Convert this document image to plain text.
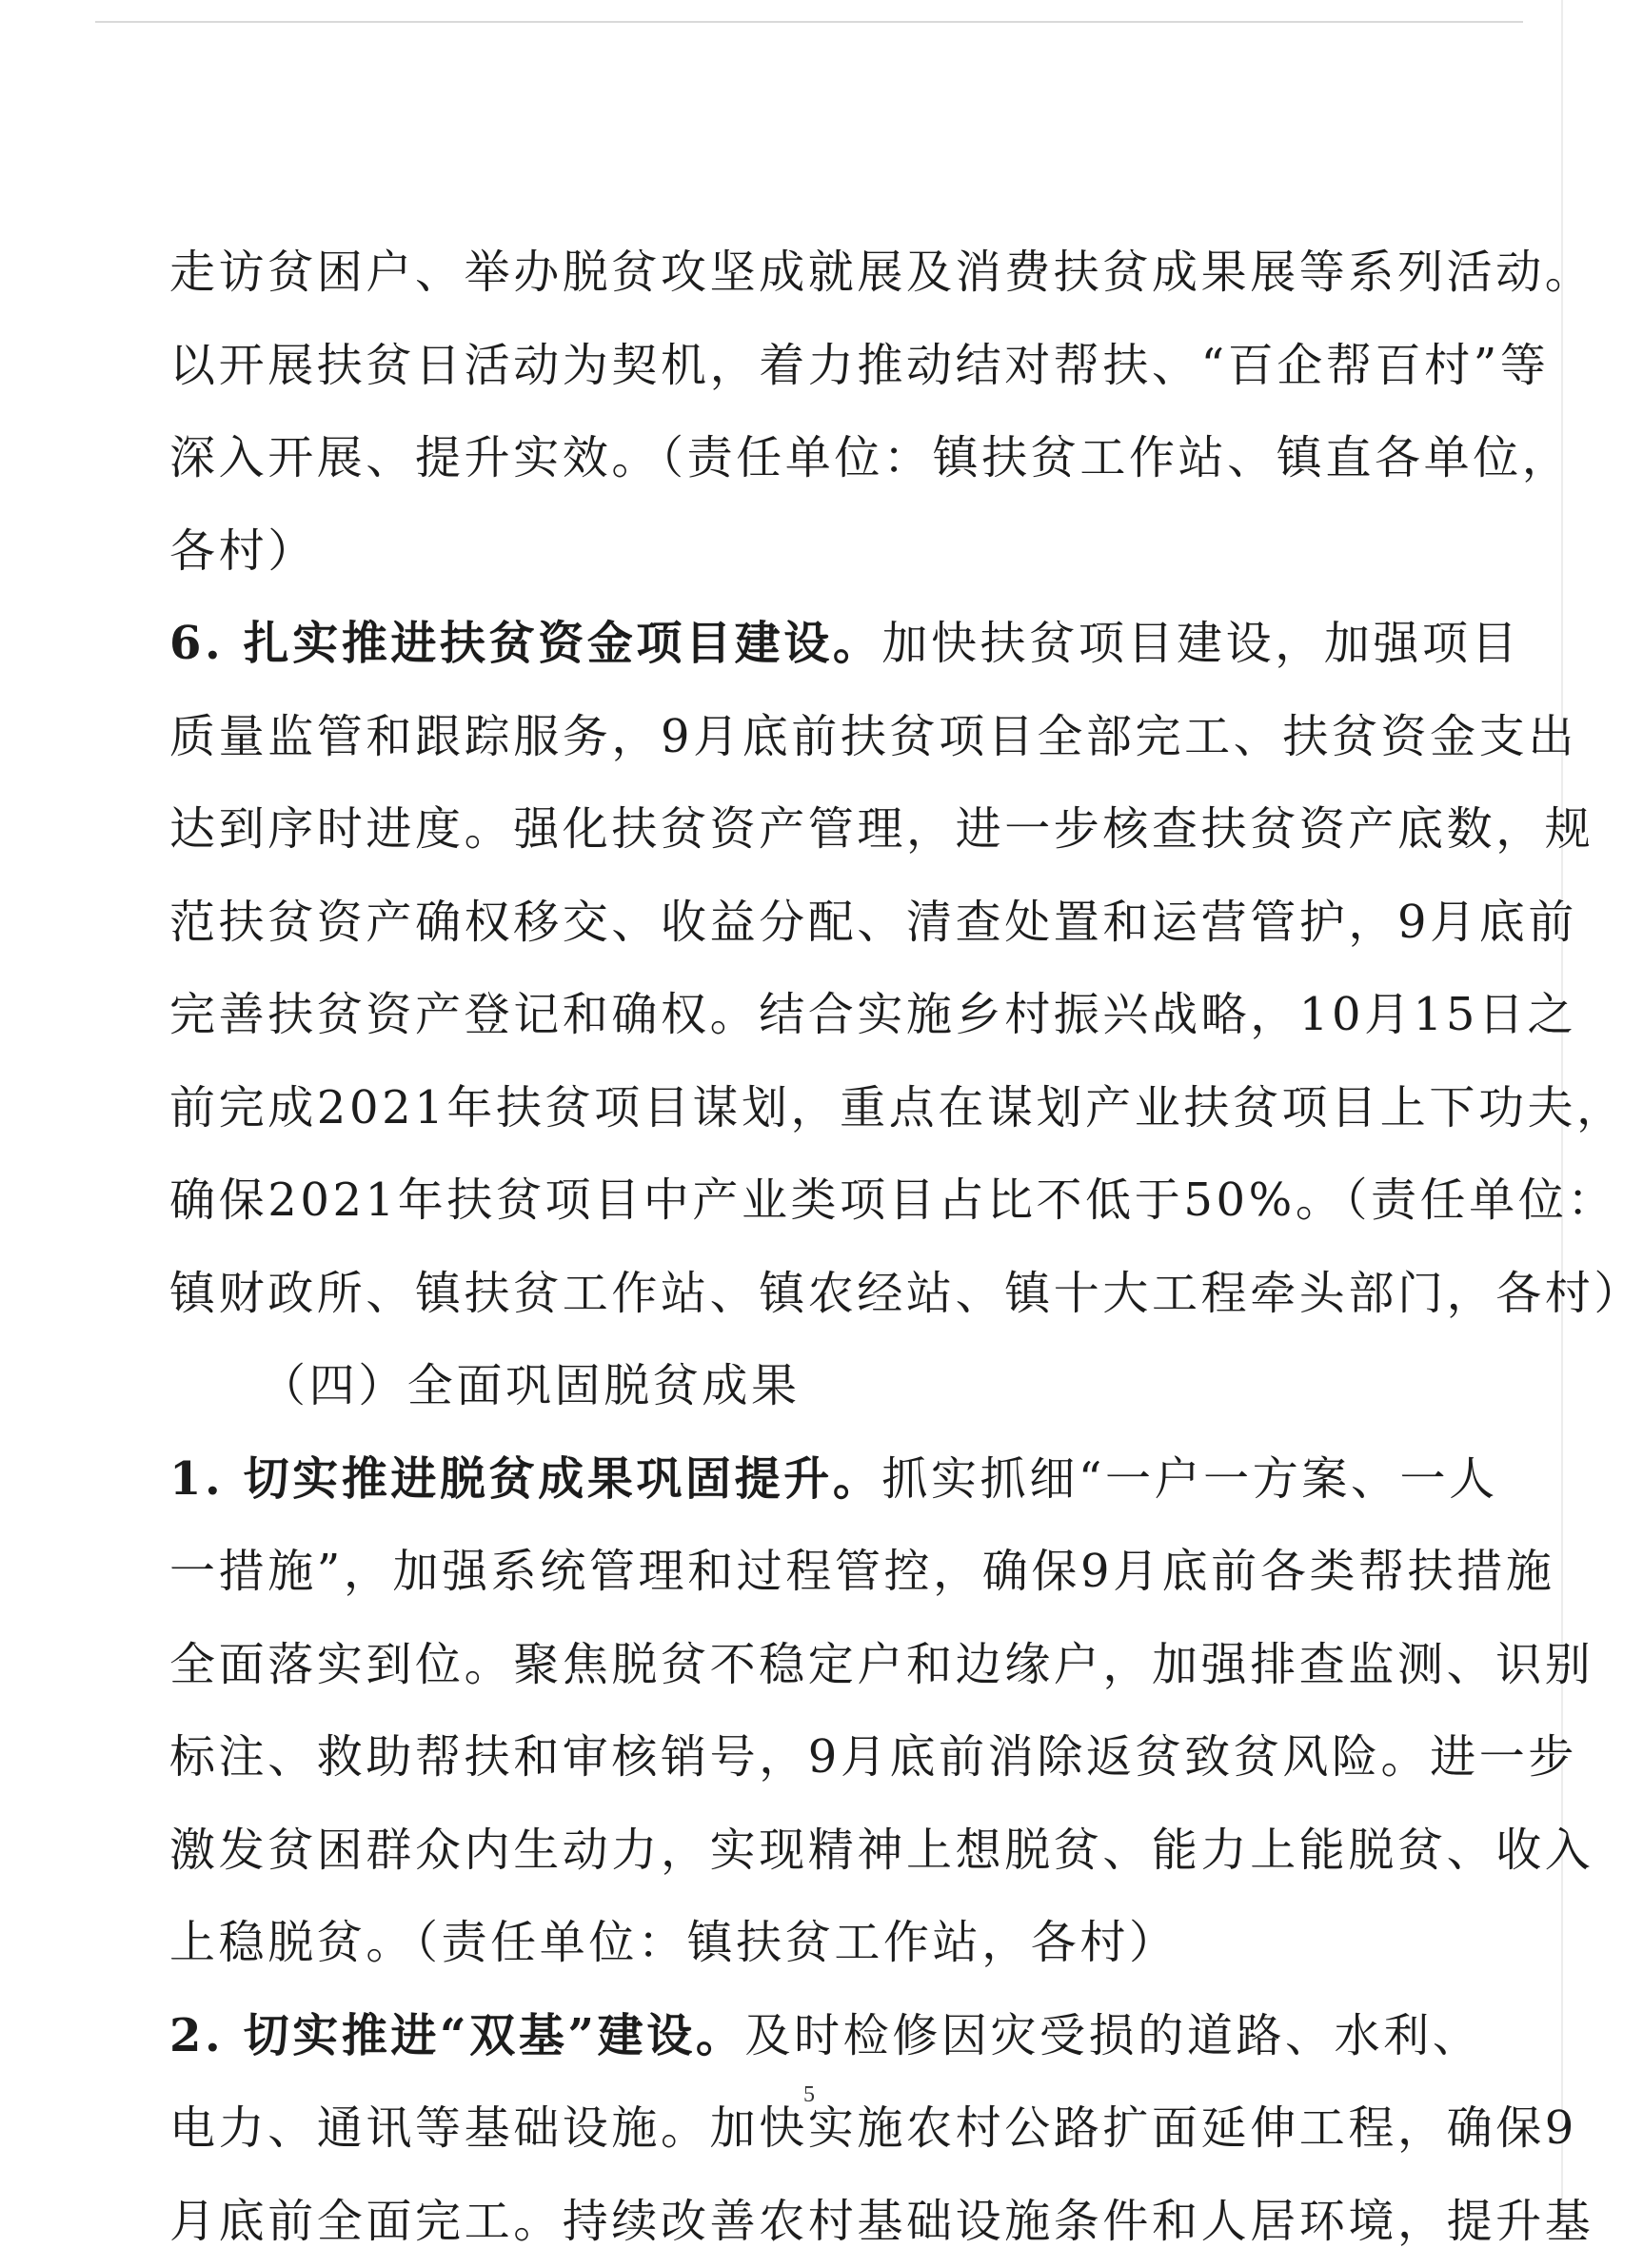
走访贫困户、举办脱贫攻坚成就展及消费扶贫成果展等系列活动。
以开展扶贫日活动为契机，着力推动结对帮扶、“百企帮百村”等
深入开展、提升实效。（责任单位：镇扶贫工作站、镇直各单位，
各村）
6. 扎实推进扶贫资金项目建设。加快扶贫项目建设，加强项目
质量监管和跟踪服务，9月底前扶贫项目全部完工、扶贫资金支出
达到序时进度。强化扶贫资产管理，进一步核查扶贫资产底数，规
范扶贫资产确权移交、收益分配、清查处置和运营管护，9月底前
完善扶贫资产登记和确权。结合实施乡村振兴战略，10月15日之
前完成2021年扶贫项目谋划，重点在谋划产业扶贫项目上下功夫，
确保2021年扶贫项目中产业类项目占比不低于50%。（责任单位：
镇财政所、镇扶贫工作站、镇农经站、镇十大工程牵头部门，各村）
（四）全面巩固脱贫成果
1. 切实推进脱贫成果巩固提升。抓实抓细“一户一方案、一人
一措施”，加强系统管理和过程管控，确保9月底前各类帮扶措施
全面落实到位。聚焦脱贫不稳定户和边缘户，加强排查监测、识别
标注、救助帮扶和审核销号，9月底前消除返贫致贫风险。进一步
激发贫困群众内生动力，实现精神上想脱贫、能力上能脱贫、收入
上稳脱贫。（责任单位：镇扶贫工作站，各村）
2. 切实推进“双基”建设。及时检修因灾受损的道路、水利、
电力、通讯等基础设施。加快实施农村公路扩面延伸工程，确保9
月底前全面完工。持续改善农村基础设施条件和人居环境，提升基
5
